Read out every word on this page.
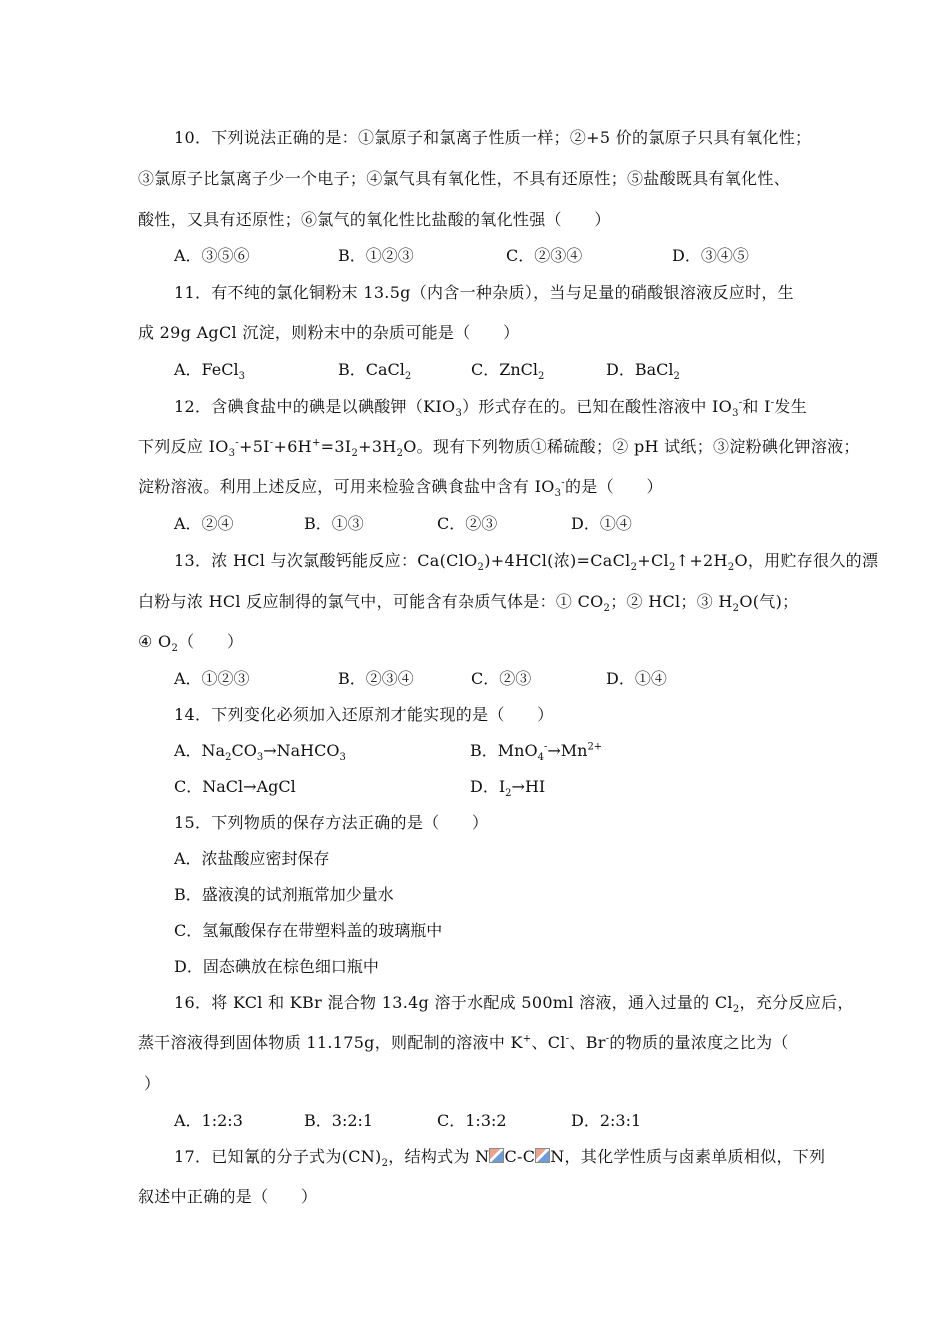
10．下列说法正确的是：①氯原子和氯离子性质一样；②+5 价的氯原子只具有氧化性；
③氯原子比氯离子少一个电子；④氯气具有氧化性，不具有还原性；⑤盐酸既具有氧化性、
酸性，又具有还原性；⑥氯气的氧化性比盐酸的氧化性强（　　）
A．③⑤⑥	B．①②③	C．②③④	D．③④⑤
11．有不纯的氯化铜粉末 13.5g（内含一种杂质），当与足量的硝酸银溶液反应时，生
成 29g AgCl 沉淀，则粉末中的杂质可能是（　　）
A．FeCl$_3$	B．CaCl$_2$	C．ZnCl$_2$	D．BaCl$_2$
12．含碘食盐中的碘是以碘酸钾$(KIO_3)$形式存在的。已知在酸性溶液中 $IO_3^-$和 I-发生
下列反应 $IO_3^-+5I^-+6H^+=3I_2+3H_2O$。现有下列物质①稀硫酸；② pH 试纸；③淀粉碘化钾溶液；
淀粉溶液。利用上述反应，可用来检验含碘食盐中含有 $IO_3^-$的是（　　）
A．②④	B．①③	C．②③	D．①④
13．浓 HCl 与次氯酸钙能反应：Ca(ClO$_2$)+4HCl(浓)$=CaCl_2+Cl_2↑+2H_2O$，用贮存很久的漂
白粉与浓 HCl 反应制得的氯气中，可能含有杂质气体是：① $CO_2$；② HCl；③ $H_2O$(气)；
④ $O_2$（　　）
A．①②③	B．②③④	C．②③	D．①④
14．下列变化必须加入还原剂才能实现的是（　　）
A．$Na_2CO_3\to NaHCO_3$	B．$MnO_4^-\to Mn^{2+}$
C．NaCl→AgCl	D．$I_2\to HI$
15．下列物质的保存方法正确的是（　　）
A．浓盐酸应密封保存
B．盛液溴的试剂瓶常加少量水
C．氢氟酸保存在带塑料盖的玻璃瓶中
D．固态碘放在棕色细口瓶中
16．将 KCl 和 KBr 混合物 13.4g 溶于水配成 500ml 溶液，通入过量的 $Cl_2$，充分反应后，
蒸干溶液得到固体物质 11.175g，则配制的溶液中 K+、Cl-、Br-的物质的量浓度之比为（
）
A．1:2:3	B．3:2:1	C．1:3:2	D．2:3:1
17．已知氰的分子式为$(CN)_2$，结构式为 N C-C N，其化学性质与卤素单质相似，下列
叙述中正确的是（　　）
